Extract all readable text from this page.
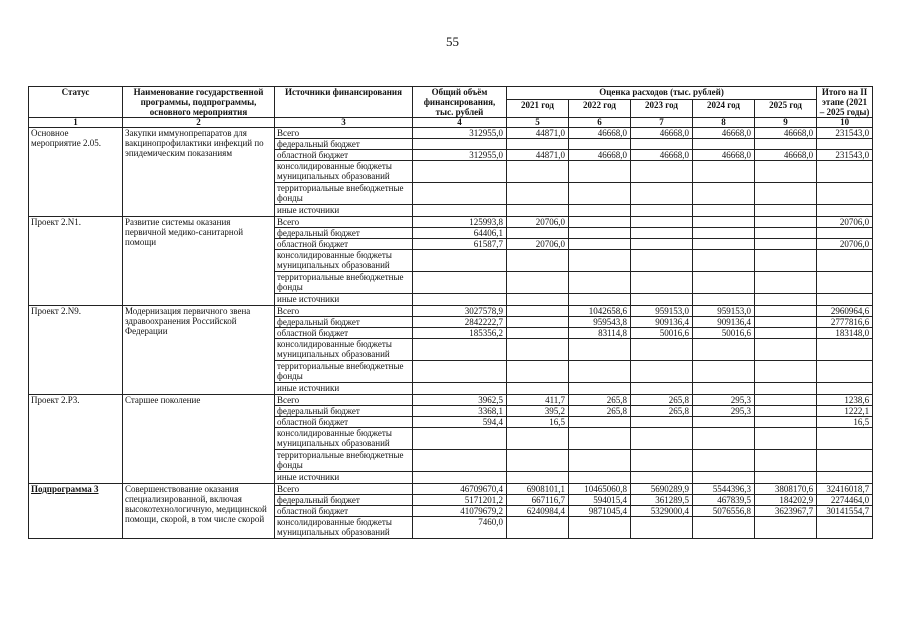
55
Статус	Наименование государственной программы, подпрограммы, основного мероприятия	Источники финансирования	Общий объём финансирования, тыс. рублей	Оценка расходов (тыс. рублей)					Итого на II этапе (2021 – 2025 годы)
				2021 год	2022 год	2023 год	2024 год	2025 год	
1	2	3	4	5	6	7	8	9	10
Основное мероприятие 2.05.	Закупки иммунопрепаратов для вакцинопрофилактики инфекций по эпидемическим показаниям	Всего	312955,0	44871,0	46668,0	46668,0	46668,0	46668,0	231543,0
		федеральный бюджет							
		областной бюджет	312955,0	44871,0	46668,0	46668,0	46668,0	46668,0	231543,0
		консолидированные бюджеты муниципальных образований							
		территориальные внебюджетные фонды							
		иные источники							
Проект 2.N1.	Развитие системы оказания первичной медико-санитарной помощи	Всего	125993,8	20706,0					20706,0
		федеральный бюджет	64406,1						
		областной бюджет	61587,7	20706,0					20706,0
		консолидированные бюджеты муниципальных образований							
		территориальные внебюджетные фонды							
		иные источники							
Проект 2.N9.	Модернизация первичного звена здравоохранения Российской Федерации	Всего	3027578,9		1042658,6	959153,0	959153,0		2960964,6
		федеральный бюджет	2842222,7		959543,8	909136,4	909136,4		2777816,6
		областной бюджет	185356,2		83114,8	50016,6	50016,6		183148,0
		консолидированные бюджеты муниципальных образований							
		территориальные внебюджетные фонды							
		иные источники							
Проект 2.P3.	Старшее поколение	Всего	3962,5	411,7	265,8	265,8	295,3		1238,6
		федеральный бюджет	3368,1	395,2	265,8	265,8	295,3		1222,1
		областной бюджет	594,4	16,5					16,5
		консолидированные бюджеты муниципальных образований							
		территориальные внебюджетные фонды							
		иные источники							
Подпрограмма 3	Совершенствование оказания специализированной, включая высокотехнологичную, медицинской помощи, скорой, в том числе скорой	Всего	46709670,4	6908101,1	10465060,8	5690289,9	5544396,3	3808170,6	32416018,7
		федеральный бюджет	5171201,2	667116,7	594015,4	361289,5	467839,5	184202,9	2274464,0
		областной бюджет	41079679,2	6240984,4	9871045,4	5329000,4	5076556,8	3623967,7	30141554,7
		консолидированные бюджеты муниципальных образований	7460,0						
